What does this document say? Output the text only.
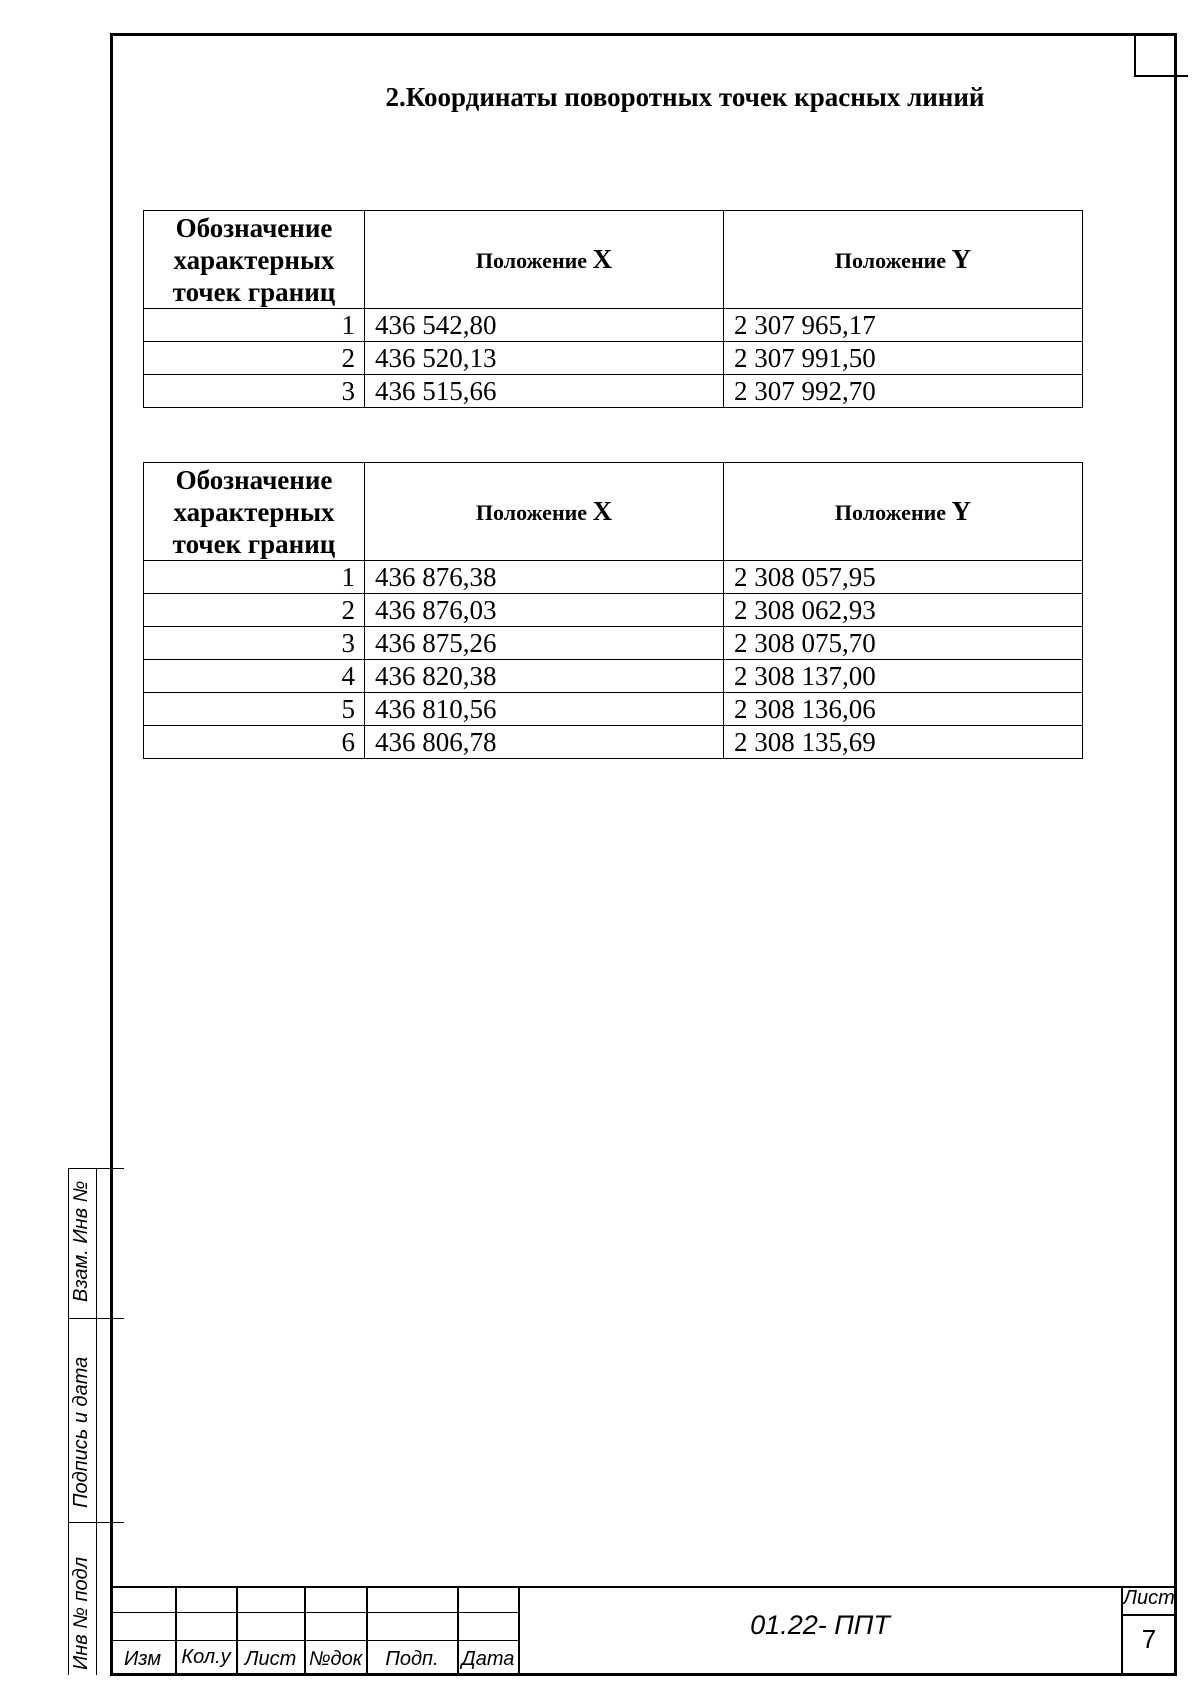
2.Координаты поворотных точек красных линий
Обозначение
характерных
точек границ	Положение X	Положение Y
1	436 542,80	2 307 965,17
2	436 520,13	2 307 991,50
3	436 515,66	2 307 992,70
Обозначение
характерных
точек границ	Положение X	Положение Y
1	436 876,38	2 308 057,95
2	436 876,03	2 308 062,93
3	436 875,26	2 308 075,70
4	436 820,38	2 308 137,00
5	436 810,56	2 308 136,06
6	436 806,78	2 308 135,69
Взам. Инв №
Подпись и дата
Инв № подл	Изм	Кол.у Лист №док	Подп.	Дата
01.22- ППТ
Лист
7
